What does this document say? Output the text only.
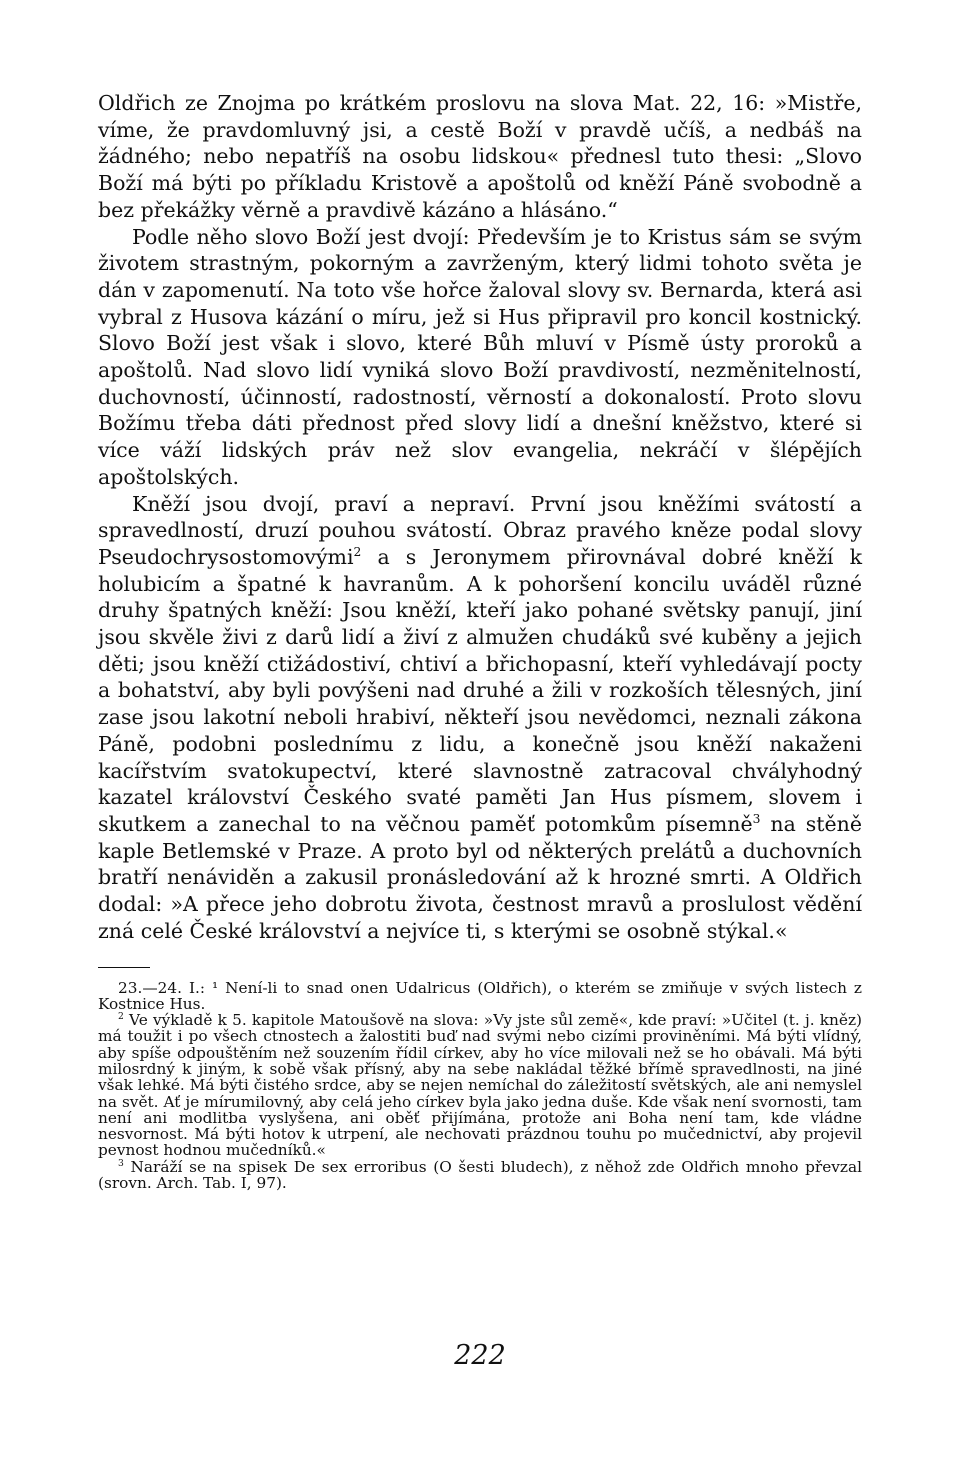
Oldřich ze Znojma po krátkém proslovu na slova Mat. 22, 16: »Mistře, víme, že pravdomluvný jsi, a cestě Boží v pravdě učíš, a nedbáš na žádného; nebo nepatříš na osobu lidskou« přednesl tuto thesi: „Slovo Boží má býti po příkladu Kristově a apoštolů od kněží Páně svobodně a bez překážky věrně a pravdivě kázáno a hlásáno.“

Podle něho slovo Boží jest dvojí: Především je to Kristus sám se svým životem strastným, pokorným a zavrženým, který lidmi tohoto světa je dán v zapomenutí. Na toto vše hořce žaloval slovy sv. Bernarda, která asi vybral z Husova kázání o míru, jež si Hus připravil pro koncil kostnický. Slovo Boží jest však i slovo, které Bůh mluví v Písmě ústy proroků a apoštolů. Nad slovo lidí vyniká slovo Boží pravdivostí, nezměnitelností, duchovností, účinností, radostností, věrností a dokonalostí. Proto slovu Božímu třeba dáti přednost před slovy lidí a dnešní kněžstvo, které si více váží lidských práv než slov evangelia, nekráčí v šlépějích apoštolských.

Kněží jsou dvojí, praví a nepraví. První jsou kněžími svátostí a spravedlností, druzí pouhou svátostí. Obraz pravého kněze podal slovy Pseudochrysostomovými$^2$ a s Jeronymem přirovnával dobré kněží k holubicím a špatné k havranům. A k pohoršení koncilu uváděl různé druhy špatných kněží: Jsou kněží, kteří jako pohané světsky panují, jiní jsou skvěle živi z darů lidí a živí z almužen chudáků své kuběny a jejich děti; jsou kněží ctižádostiví, chtiví a břichopasní, kteří vyhledávají pocty a bohatství, aby byli povýšeni nad druhé a žili v rozkoších tělesných, jiní zase jsou lakotní neboli hrabiví, někteří jsou nevědomci, neznali zákona Páně, podobni poslednímu z lidu, a konečně jsou kněží nakaženi kacířstvím svatokupectví, které slavnostně zatracoval chvályhodný kazatel království Českého svaté paměti Jan Hus písmem, slovem i skutkem a zanechal to na věčnou paměť potomkům písemně$^3$ na stěně kaple Betlemské v Praze. A proto byl od některých prelátů a duchovních bratří nenáviděn a zakusil pronásledování až k hrozné smrti. A Oldřich dodal: »A přece jeho dobrotu života, čestnost mravů a proslulost vědění zná celé České království a nejvíce ti, s kterými se osobně stýkal.«

23.—24. I.: ¹ Není-li to snad onen Udalricus (Oldřich), o kterém se zmiňuje v svých listech z Kostnice Hus.

$^2$ Ve výkladě k 5. kapitole Matoušově na slova: »Vy jste sůl země«, kde praví: »Učitel (t. j. kněz) má toužit i po všech ctnostech a žalostiti buď nad svými nebo cizími proviněními. Má býti vlídný, aby spíše odpouštěním než souzením řídil církev, aby ho více milovali než se ho obávali. Má býti milosrdný k jiným, k sobě však přísný, aby na sebe nakládal těžké břímě spravedlnosti, na jiné však lehké. Má býti čistého srdce, aby se nejen nemíchal do záležitostí světských, ale ani nemyslel na svět. Ať je mírumilovný, aby celá jeho církev byla jako jedna duše. Kde však není svornosti, tam není ani modlitba vyslyšena, ani oběť přijímána, protože ani Boha není tam, kde vládne nesvornost. Má býti hotov k utrpení, ale nechovati prázdnou touhu po mučednictví, aby projevil pevnost hodnou mučedníků.«

$^3$ Naráží se na spisek De sex erroribus (O šesti bludech), z něhož zde Oldřich mnoho převzal (srovn. Arch. Tab. I, 97).

222
